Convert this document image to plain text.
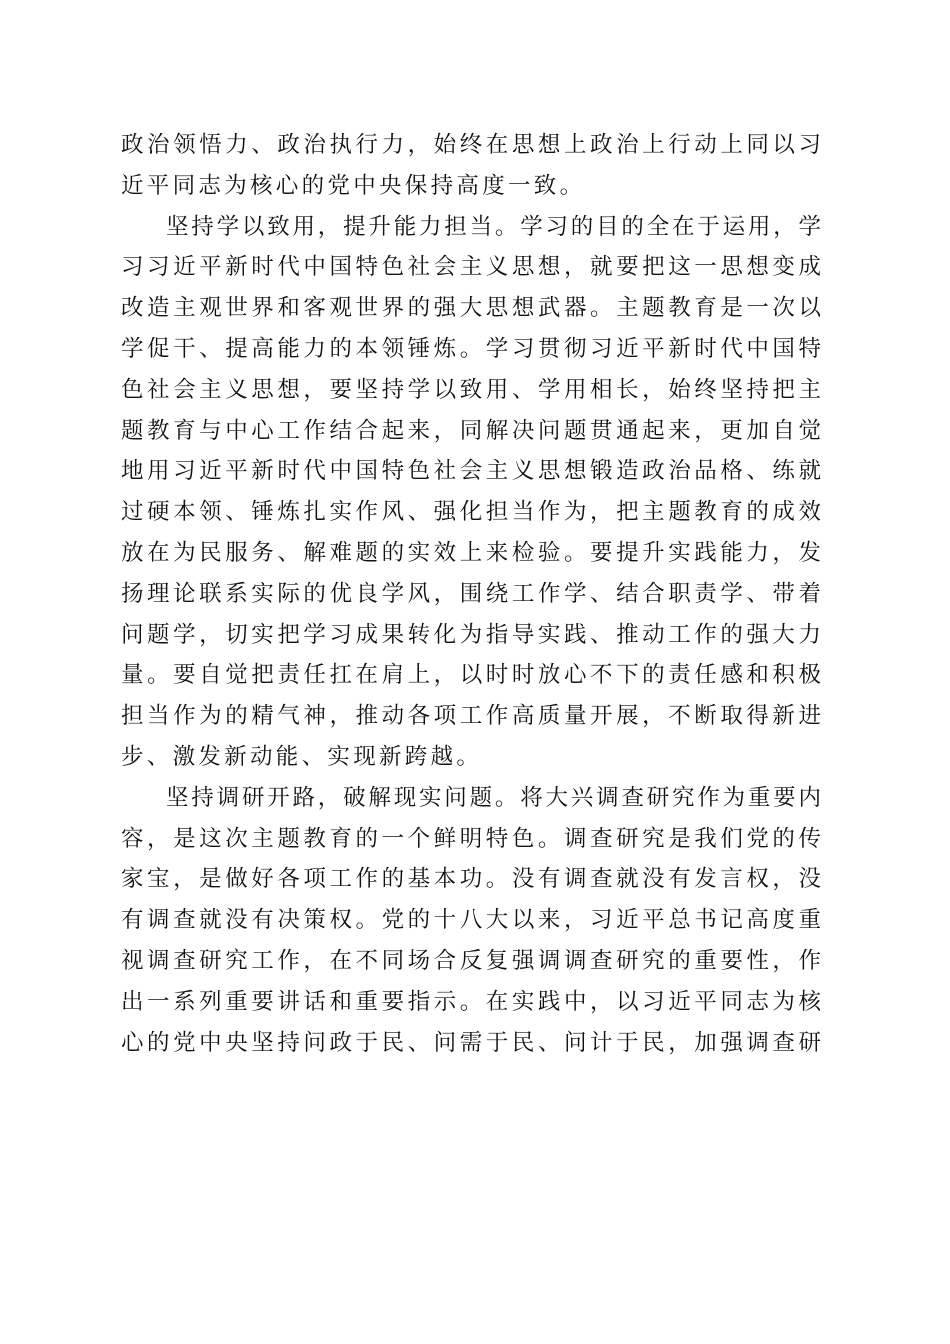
政治领悟力、政治执行力，始终在思想上政治上行动上同以习
近平同志为核心的党中央保持高度一致。
坚持学以致用，提升能力担当。学习的目的全在于运用，学
习习近平新时代中国特色社会主义思想，就要把这一思想变成
改造主观世界和客观世界的强大思想武器。主题教育是一次以
学促干、提高能力的本领锤炼。学习贯彻习近平新时代中国特
色社会主义思想，要坚持学以致用、学用相长，始终坚持把主
题教育与中心工作结合起来，同解决问题贯通起来，更加自觉
地用习近平新时代中国特色社会主义思想锻造政治品格、练就
过硬本领、锤炼扎实作风、强化担当作为，把主题教育的成效
放在为民服务、解难题的实效上来检验。要提升实践能力，发
扬理论联系实际的优良学风，围绕工作学、结合职责学、带着
问题学，切实把学习成果转化为指导实践、推动工作的强大力
量。要自觉把责任扛在肩上，以时时放心不下的责任感和积极
担当作为的精气神，推动各项工作高质量开展，不断取得新进
步、激发新动能、实现新跨越。
坚持调研开路，破解现实问题。将大兴调查研究作为重要内
容，是这次主题教育的一个鲜明特色。调查研究是我们党的传
家宝，是做好各项工作的基本功。没有调查就没有发言权，没
有调查就没有决策权。党的十八大以来，习近平总书记高度重
视调查研究工作，在不同场合反复强调调查研究的重要性，作
出一系列重要讲话和重要指示。在实践中，以习近平同志为核
心的党中央坚持问政于民、问需于民、问计于民，加强调查研
